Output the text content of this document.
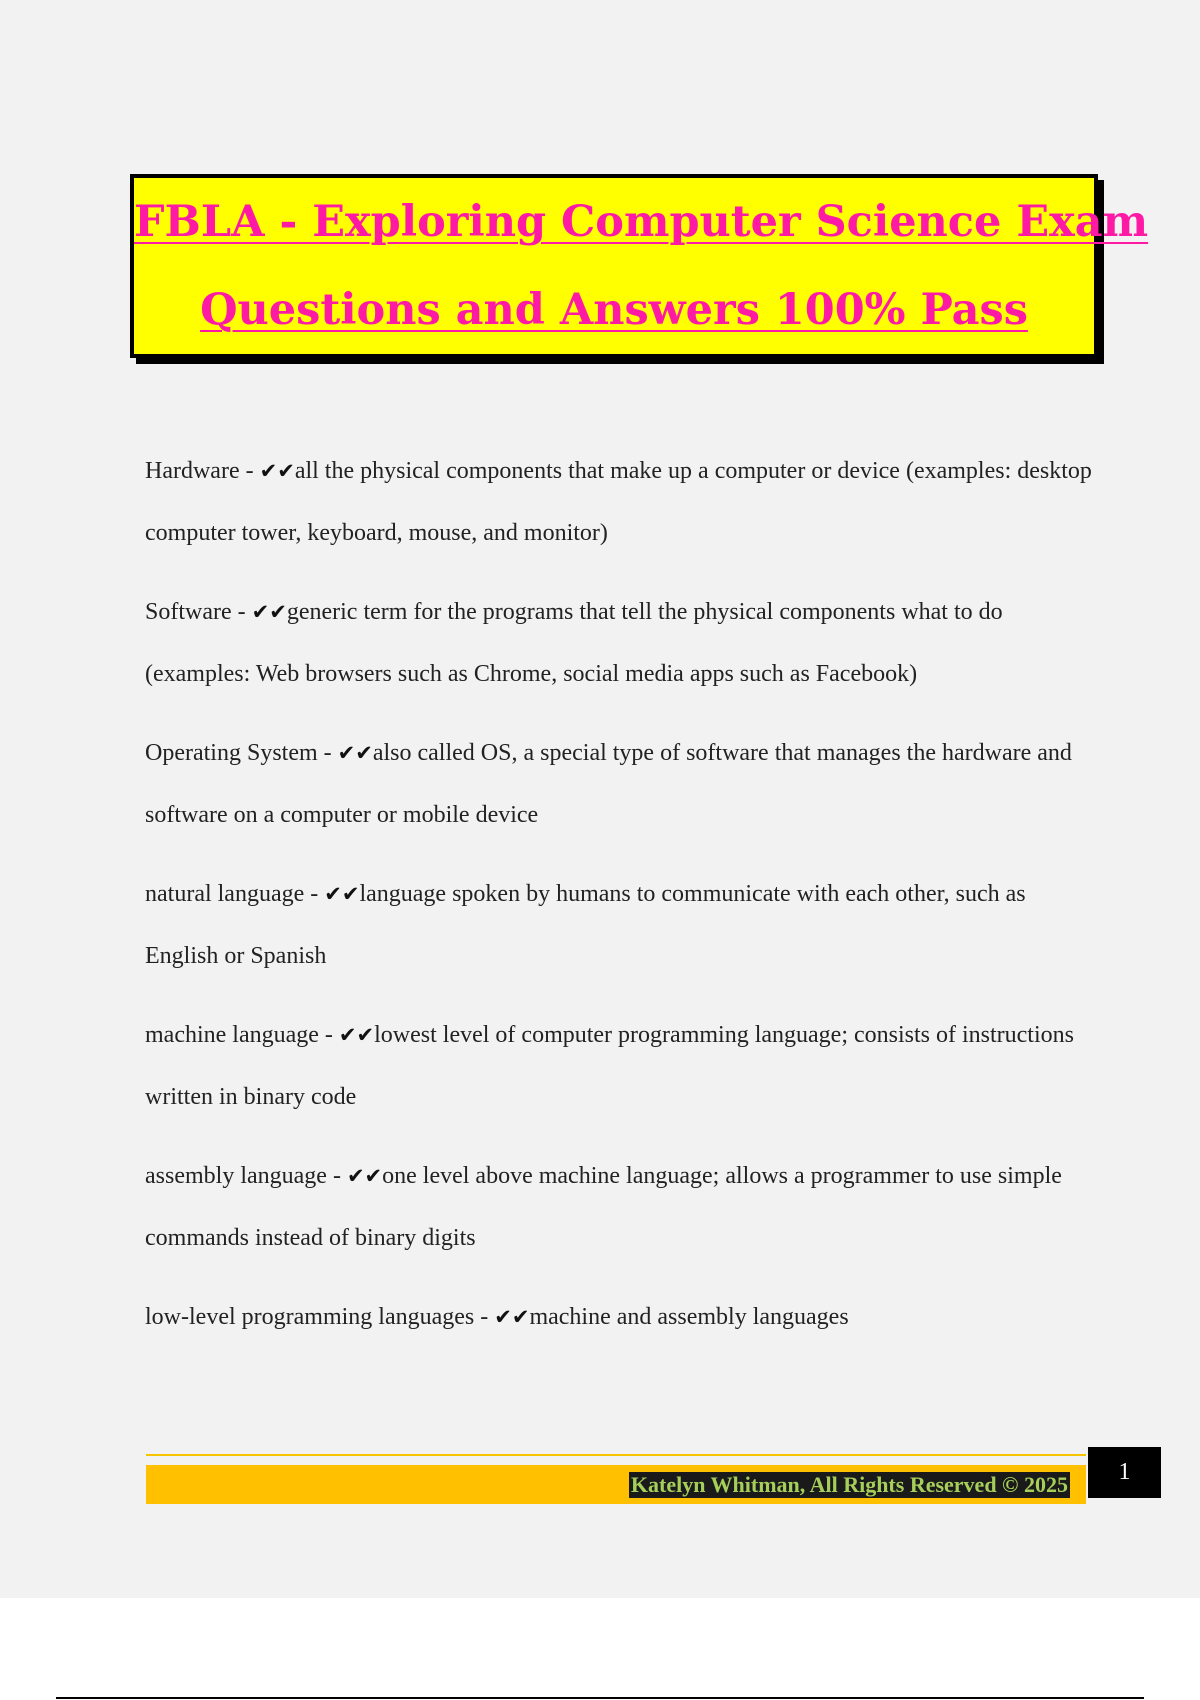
FBLA - Exploring Computer Science Exam
Questions and Answers 100% Pass
Hardware - ✔✔all the physical components that make up a computer or device (examples: desktop computer tower, keyboard, mouse, and monitor)
Software - ✔✔generic term for the programs that tell the physical components what to do (examples: Web browsers such as Chrome, social media apps such as Facebook)
Operating System - ✔✔also called OS, a special type of software that manages the hardware and software on a computer or mobile device
natural language - ✔✔language spoken by humans to communicate with each other, such as English or Spanish
machine language - ✔✔lowest level of computer programming language; consists of instructions written in binary code
assembly language - ✔✔one level above machine language; allows a programmer to use simple commands instead of binary digits
low-level programming languages - ✔✔machine and assembly languages
Katelyn Whitman, All Rights Reserved © 2025	1
